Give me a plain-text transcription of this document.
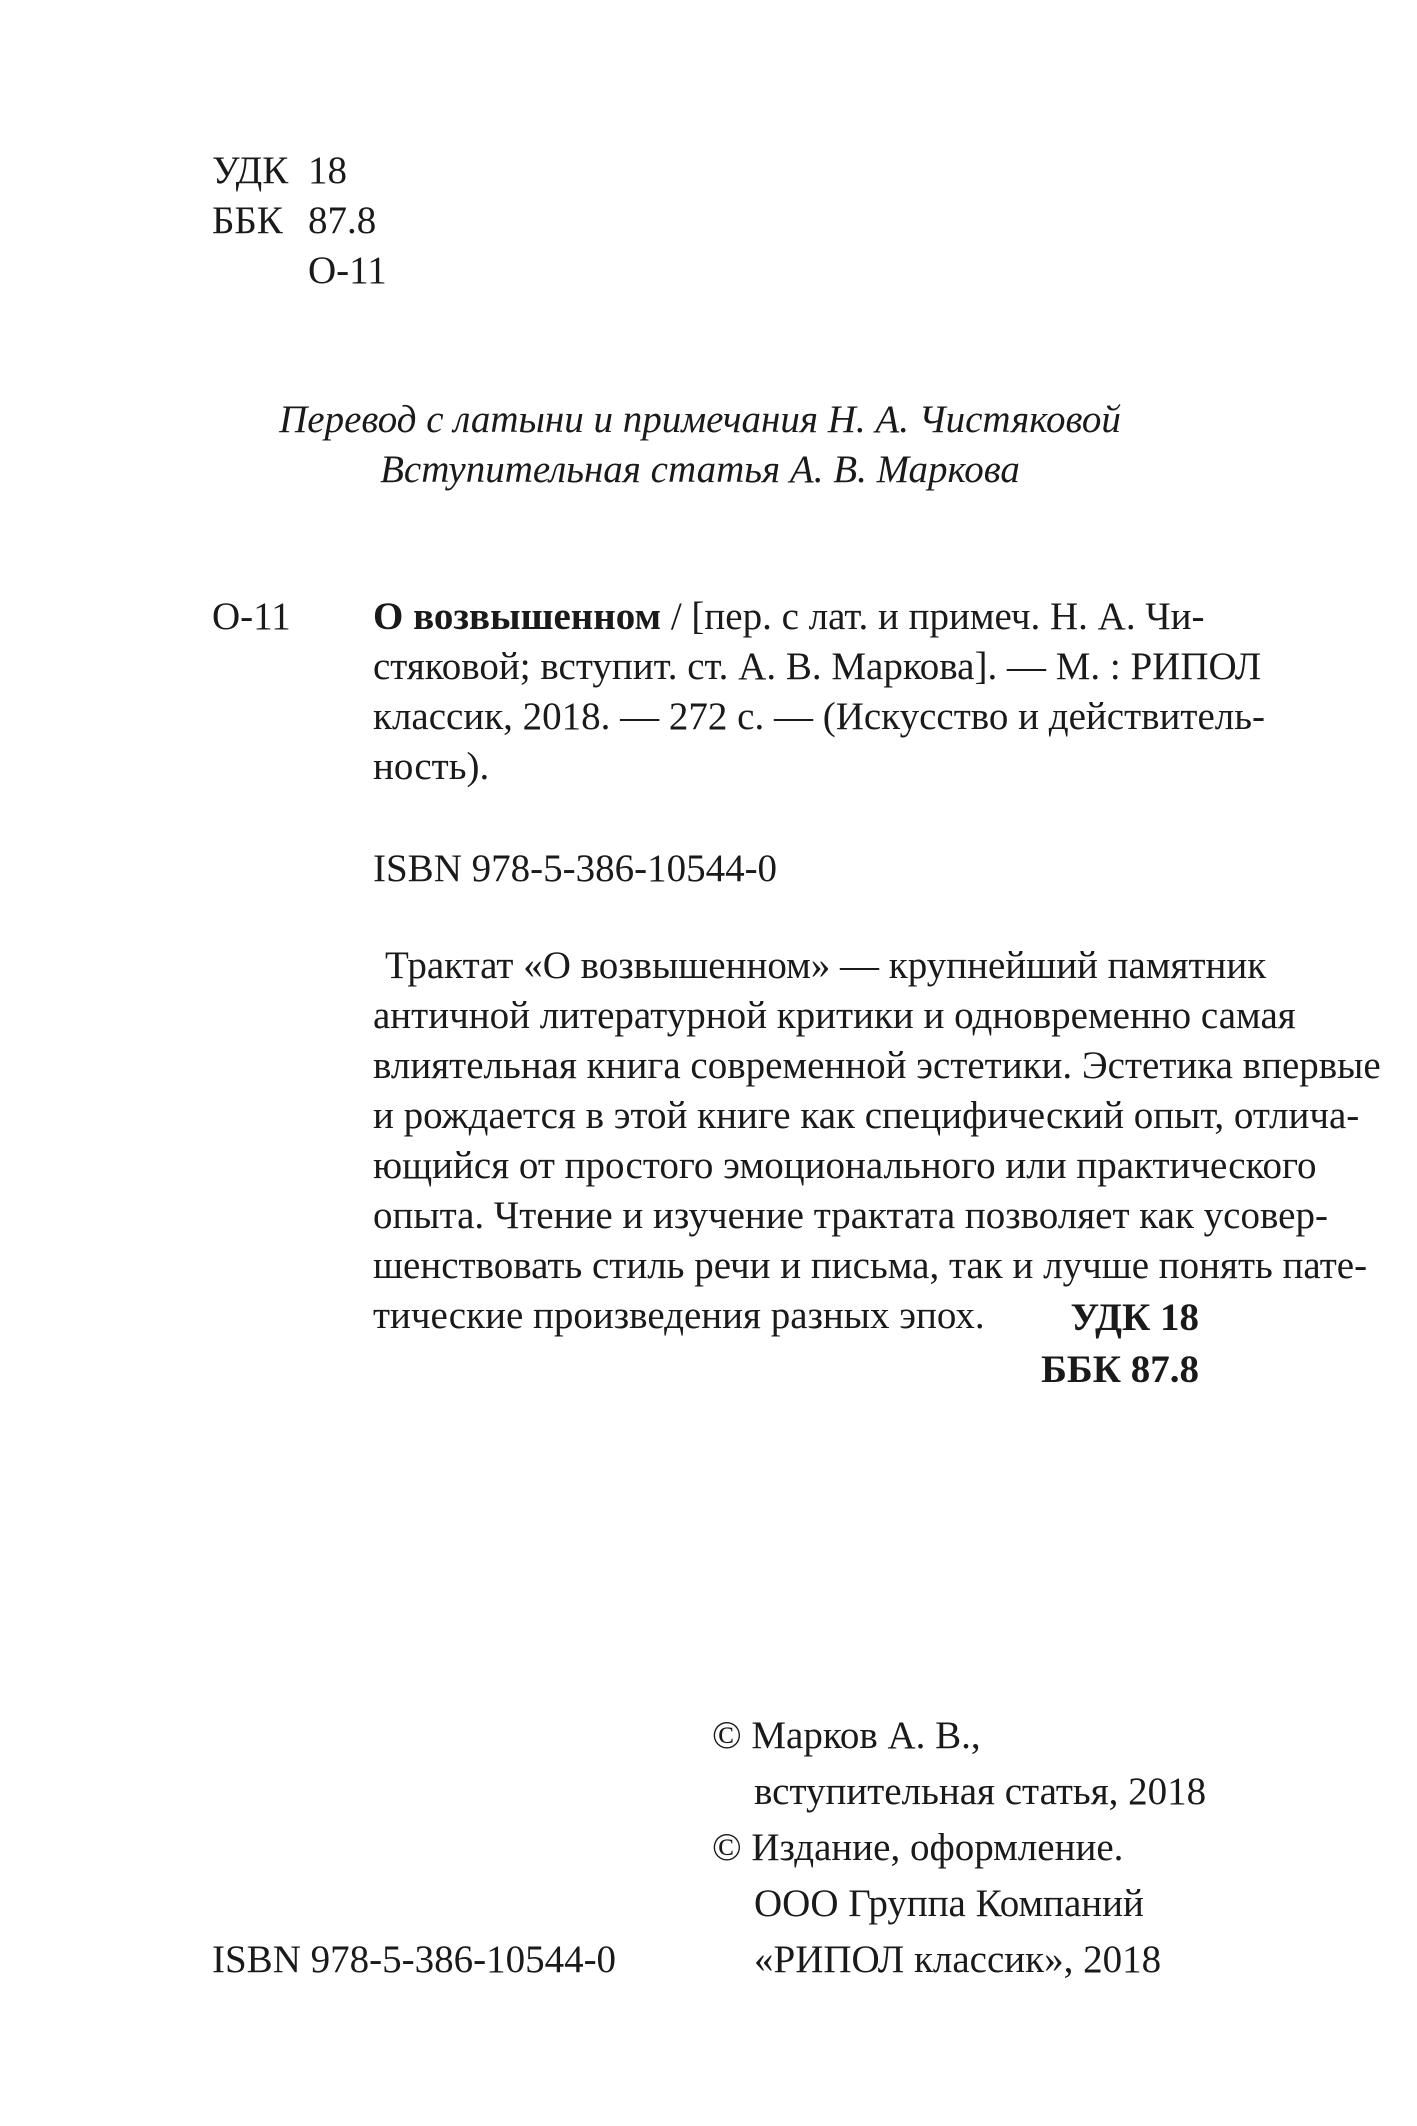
УДК 18
ББК 87.8
О-11
Перевод с латыни и примечания Н. А. Чистяковой
Вступительная статья А. В. Маркова
О-11 О возвышенном / [пер. с лат. и примеч. Н. А. Чи-
стяковой; вступит. ст. А. В. Маркова]. — М. : РИПОЛ
классик, 2018. — 272 с. — (Искусство и действитель-
ность).
ISBN 978-5-386-10544-0
Трактат «О возвышенном» — крупнейший памятник
античной литературной критики и одновременно самая
влиятельная книга современной эстетики. Эстетика впервые
и рождается в этой книге как специфический опыт, отлича-
ющийся от простого эмоционального или практического
опыта. Чтение и изучение трактата позволяет как усовер-
шенствовать стиль речи и письма, так и лучше понять пате-
тические произведения разных эпох.	УДК 18
ББК 87.8
© Марков А. В.,
вступительная статья, 2018
© Издание, оформление.
ООО Группа Компаний
«РИПОЛ классик», 2018
ISBN 978-5-386-10544-0
